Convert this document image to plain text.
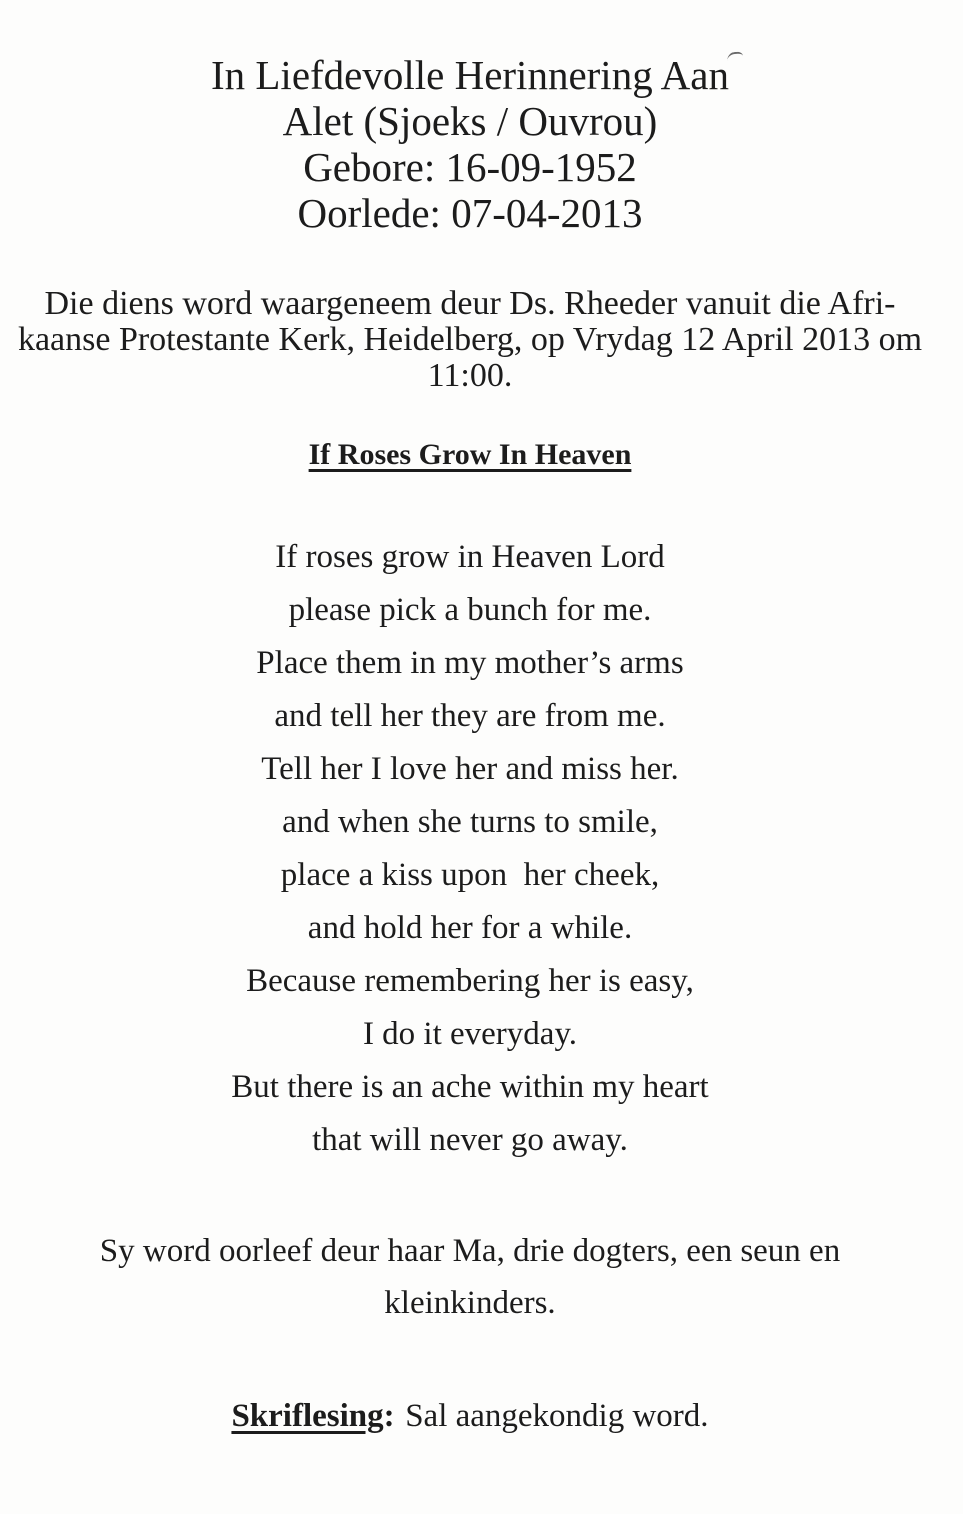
In Liefdevolle Herinnering Aan
Alet (Sjoeks / Ouvrou)
Gebore: 16-09-1952
Oorlede: 07-04-2013
Die diens word waargeneem deur Ds. Rheeder vanuit die Afri-
kaanse Protestante Kerk, Heidelberg, op Vrydag 12 April 2013 om
11:00.
If Roses Grow In Heaven
If roses grow in Heaven Lord
please pick a bunch for me.
Place them in my mother’s arms
and tell her they are from me.
Tell her I love her and miss her.
and when she turns to smile,
place a kiss upon  her cheek,
and hold her for a while.
Because remembering her is easy,
I do it everyday.
But there is an ache within my heart
that will never go away.
Sy word oorleef deur haar Ma, drie dogters, een seun en
kleinkinders.
Skriflesing: Sal aangekondig word.
